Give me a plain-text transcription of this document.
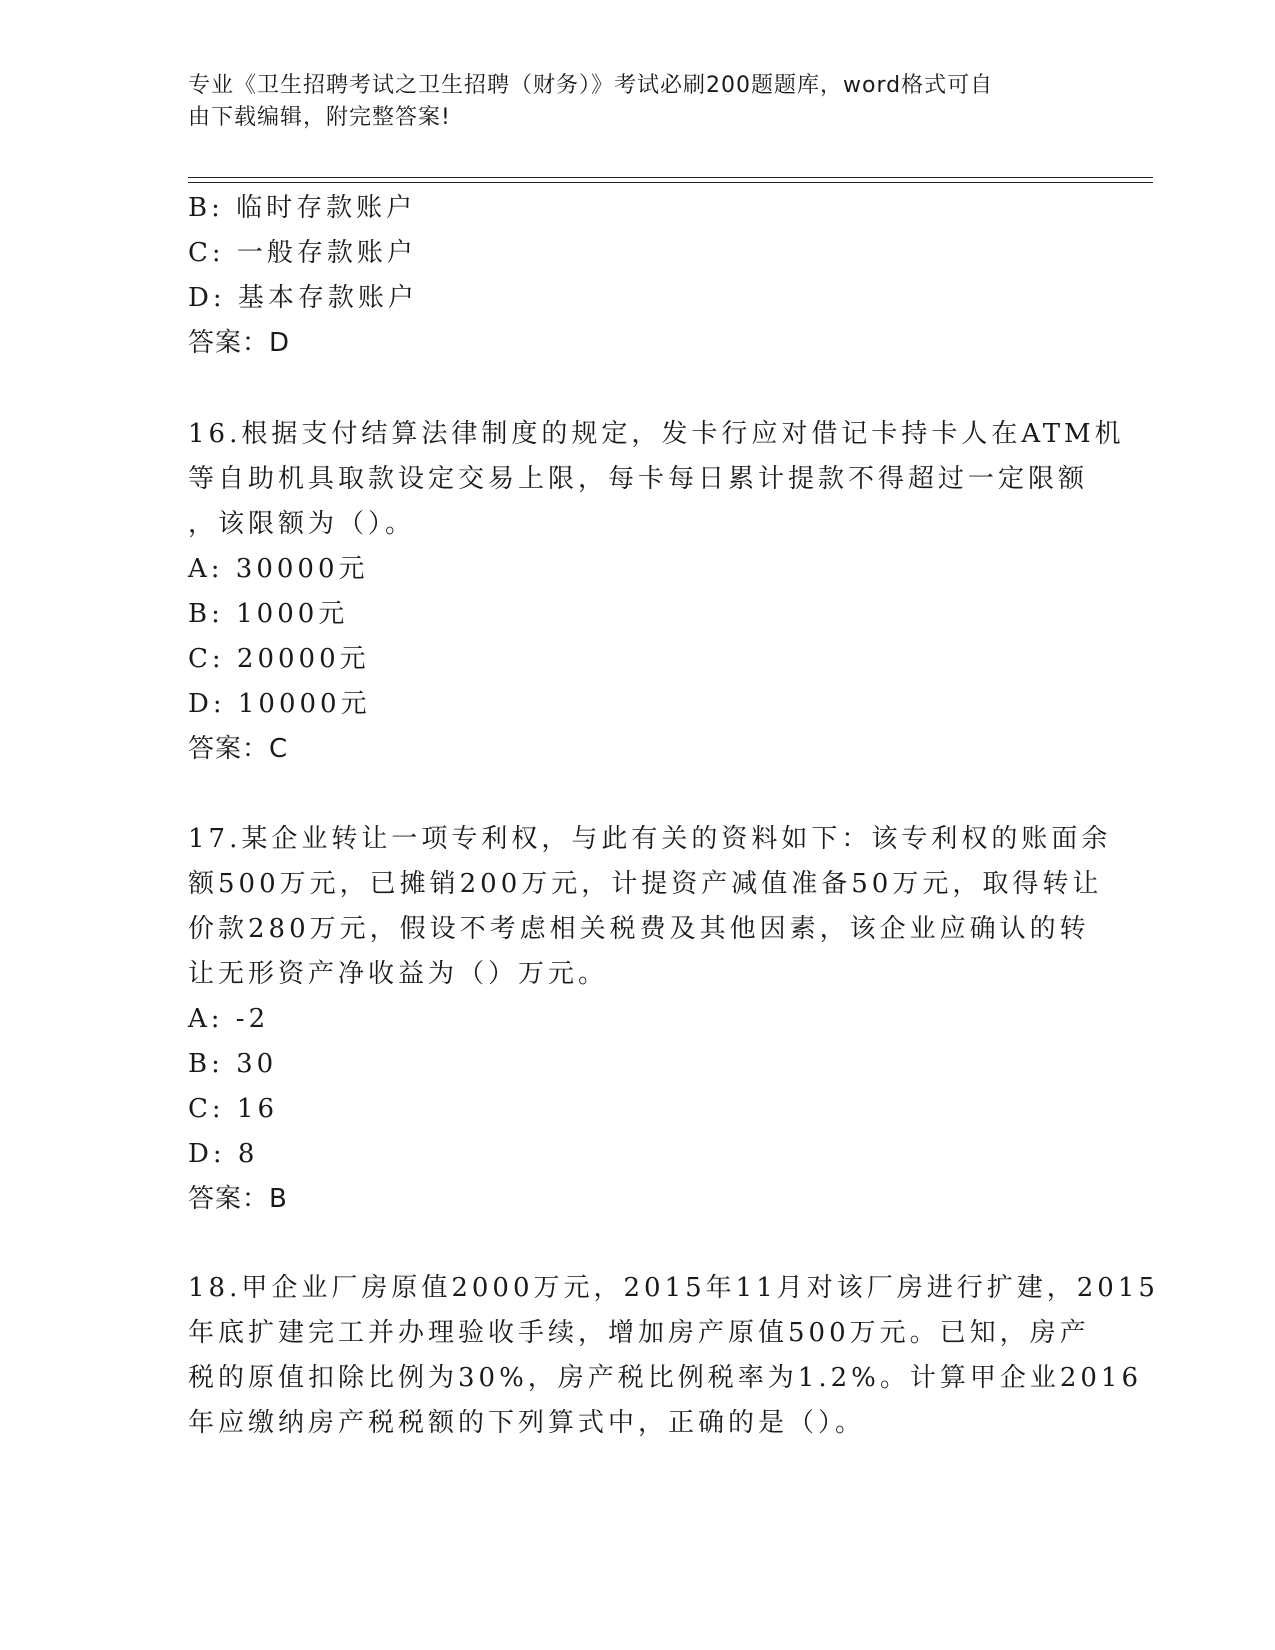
专业《卫生招聘考试之卫生招聘（财务）》考试必刷200题题库，word格式可自
由下载编辑，附完整答案!
B: 临时存款账户
C: 一般存款账户
D: 基本存款账户
答案：D
16.根据支付结算法律制度的规定，发卡行应对借记卡持卡人在ATM机
等自助机具取款设定交易上限，每卡每日累计提款不得超过一定限额
，该限额为（）。
A: 30000元
B: 1000元
C: 20000元
D: 10000元
答案：C
17.某企业转让一项专利权，与此有关的资料如下：该专利权的账面余
额500万元，已摊销200万元，计提资产减值准备50万元，取得转让
价款280万元，假设不考虑相关税费及其他因素，该企业应确认的转
让无形资产净收益为（）万元。
A: -2
B: 30
C: 16
D: 8
答案：B
18.甲企业厂房原值2000万元，2015年11月对该厂房进行扩建，2015
年底扩建完工并办理验收手续，增加房产原值500万元。已知，房产
税的原值扣除比例为30%，房产税比例税率为1.2%。计算甲企业2016
年应缴纳房产税税额的下列算式中，正确的是（）。
